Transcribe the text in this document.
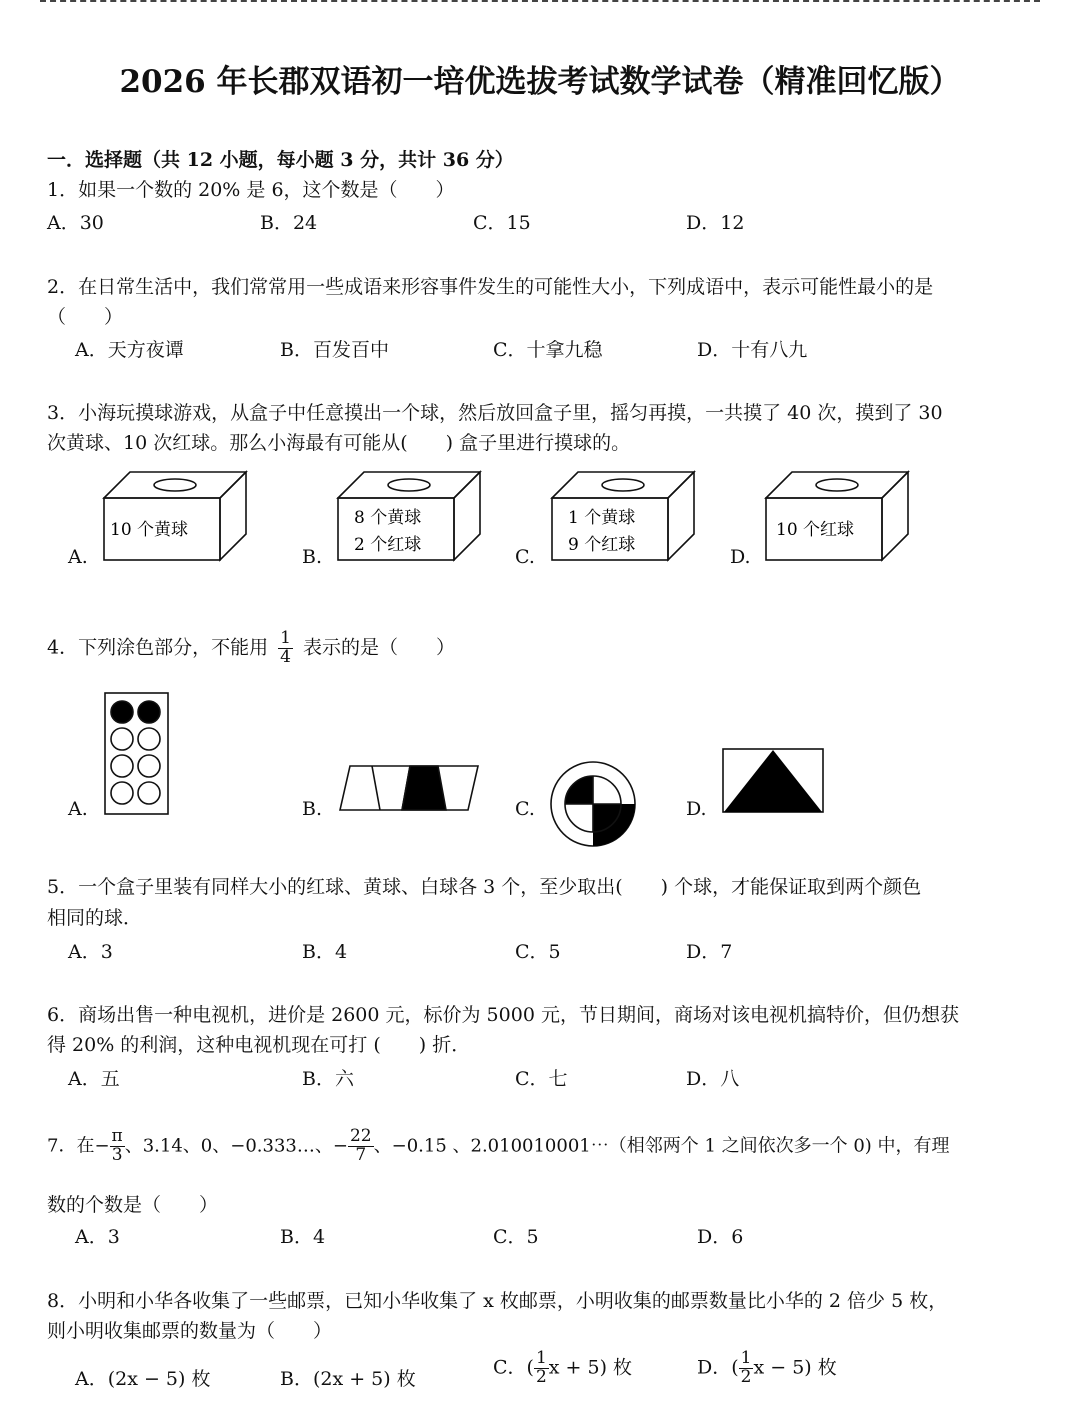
2026 年长郡双语初一培优选拔考试数学试卷（精准回忆版）
一．选择题（共 12 小题，每小题 3 分，共计 36 分）
1．如果一个数的 20% 是 6，这个数是（　　）
A．30	B．24	C．15	D．12
2．在日常生活中，我们常常用一些成语来形容事件发生的可能性大小，下列成语中，表示可能性最小的是
（　　）
A．天方夜谭	B．百发百中	C．十拿九稳	D．十有八九
3．小海玩摸球游戏，从盒子中任意摸出一个球，然后放回盒子里，摇匀再摸，一共摸了 40 次，摸到了 30
次黄球、10 次红球。那么小海最有可能从(　　) 盒子里进行摸球的。
A.	B.	C.	D.
10 个黄球
8 个黄球
2 个红球
1 个黄球
9 个红球
10 个红球
4．下列涂色部分，不能用 $\frac{1}{4}$ 表示的是（　　）
A.	B.	C.	D.
5．一个盒子里装有同样大小的红球、黄球、白球各 3 个，至少取出(　　) 个球，才能保证取到两个颜色
相同的球．
A．3	B．4	C．5	D．7
6．商场出售一种电视机，进价是 2600 元，标价为 5000 元，节日期间，商场对该电视机搞特价，但仍想获
得 20% 的利润，这种电视机现在可打 (　　) 折．
A．五	B．六	C．七	D．八
7．在− $\frac{\pi}{3}$ 、3.14、0、−0.333…、− $\frac{22}{7}$ 、−0.15̇ 、2.010010001⋯（相邻两个 1 之间依次多一个 0) 中，有理
数的个数是（　　）
A．3	B．4	C．5	D．6
8．小明和小华各收集了一些邮票，已知小华收集了 x 枚邮票，小明收集的邮票数量比小华的 2 倍少 5 枚，
则小明收集邮票的数量为（　　）
A．(2x − 5) 枚	B．(2x + 5) 枚
C．( $\frac{1}{2}$ x + 5) 枚	D．( $\frac{1}{2}$ x − 5) 枚
